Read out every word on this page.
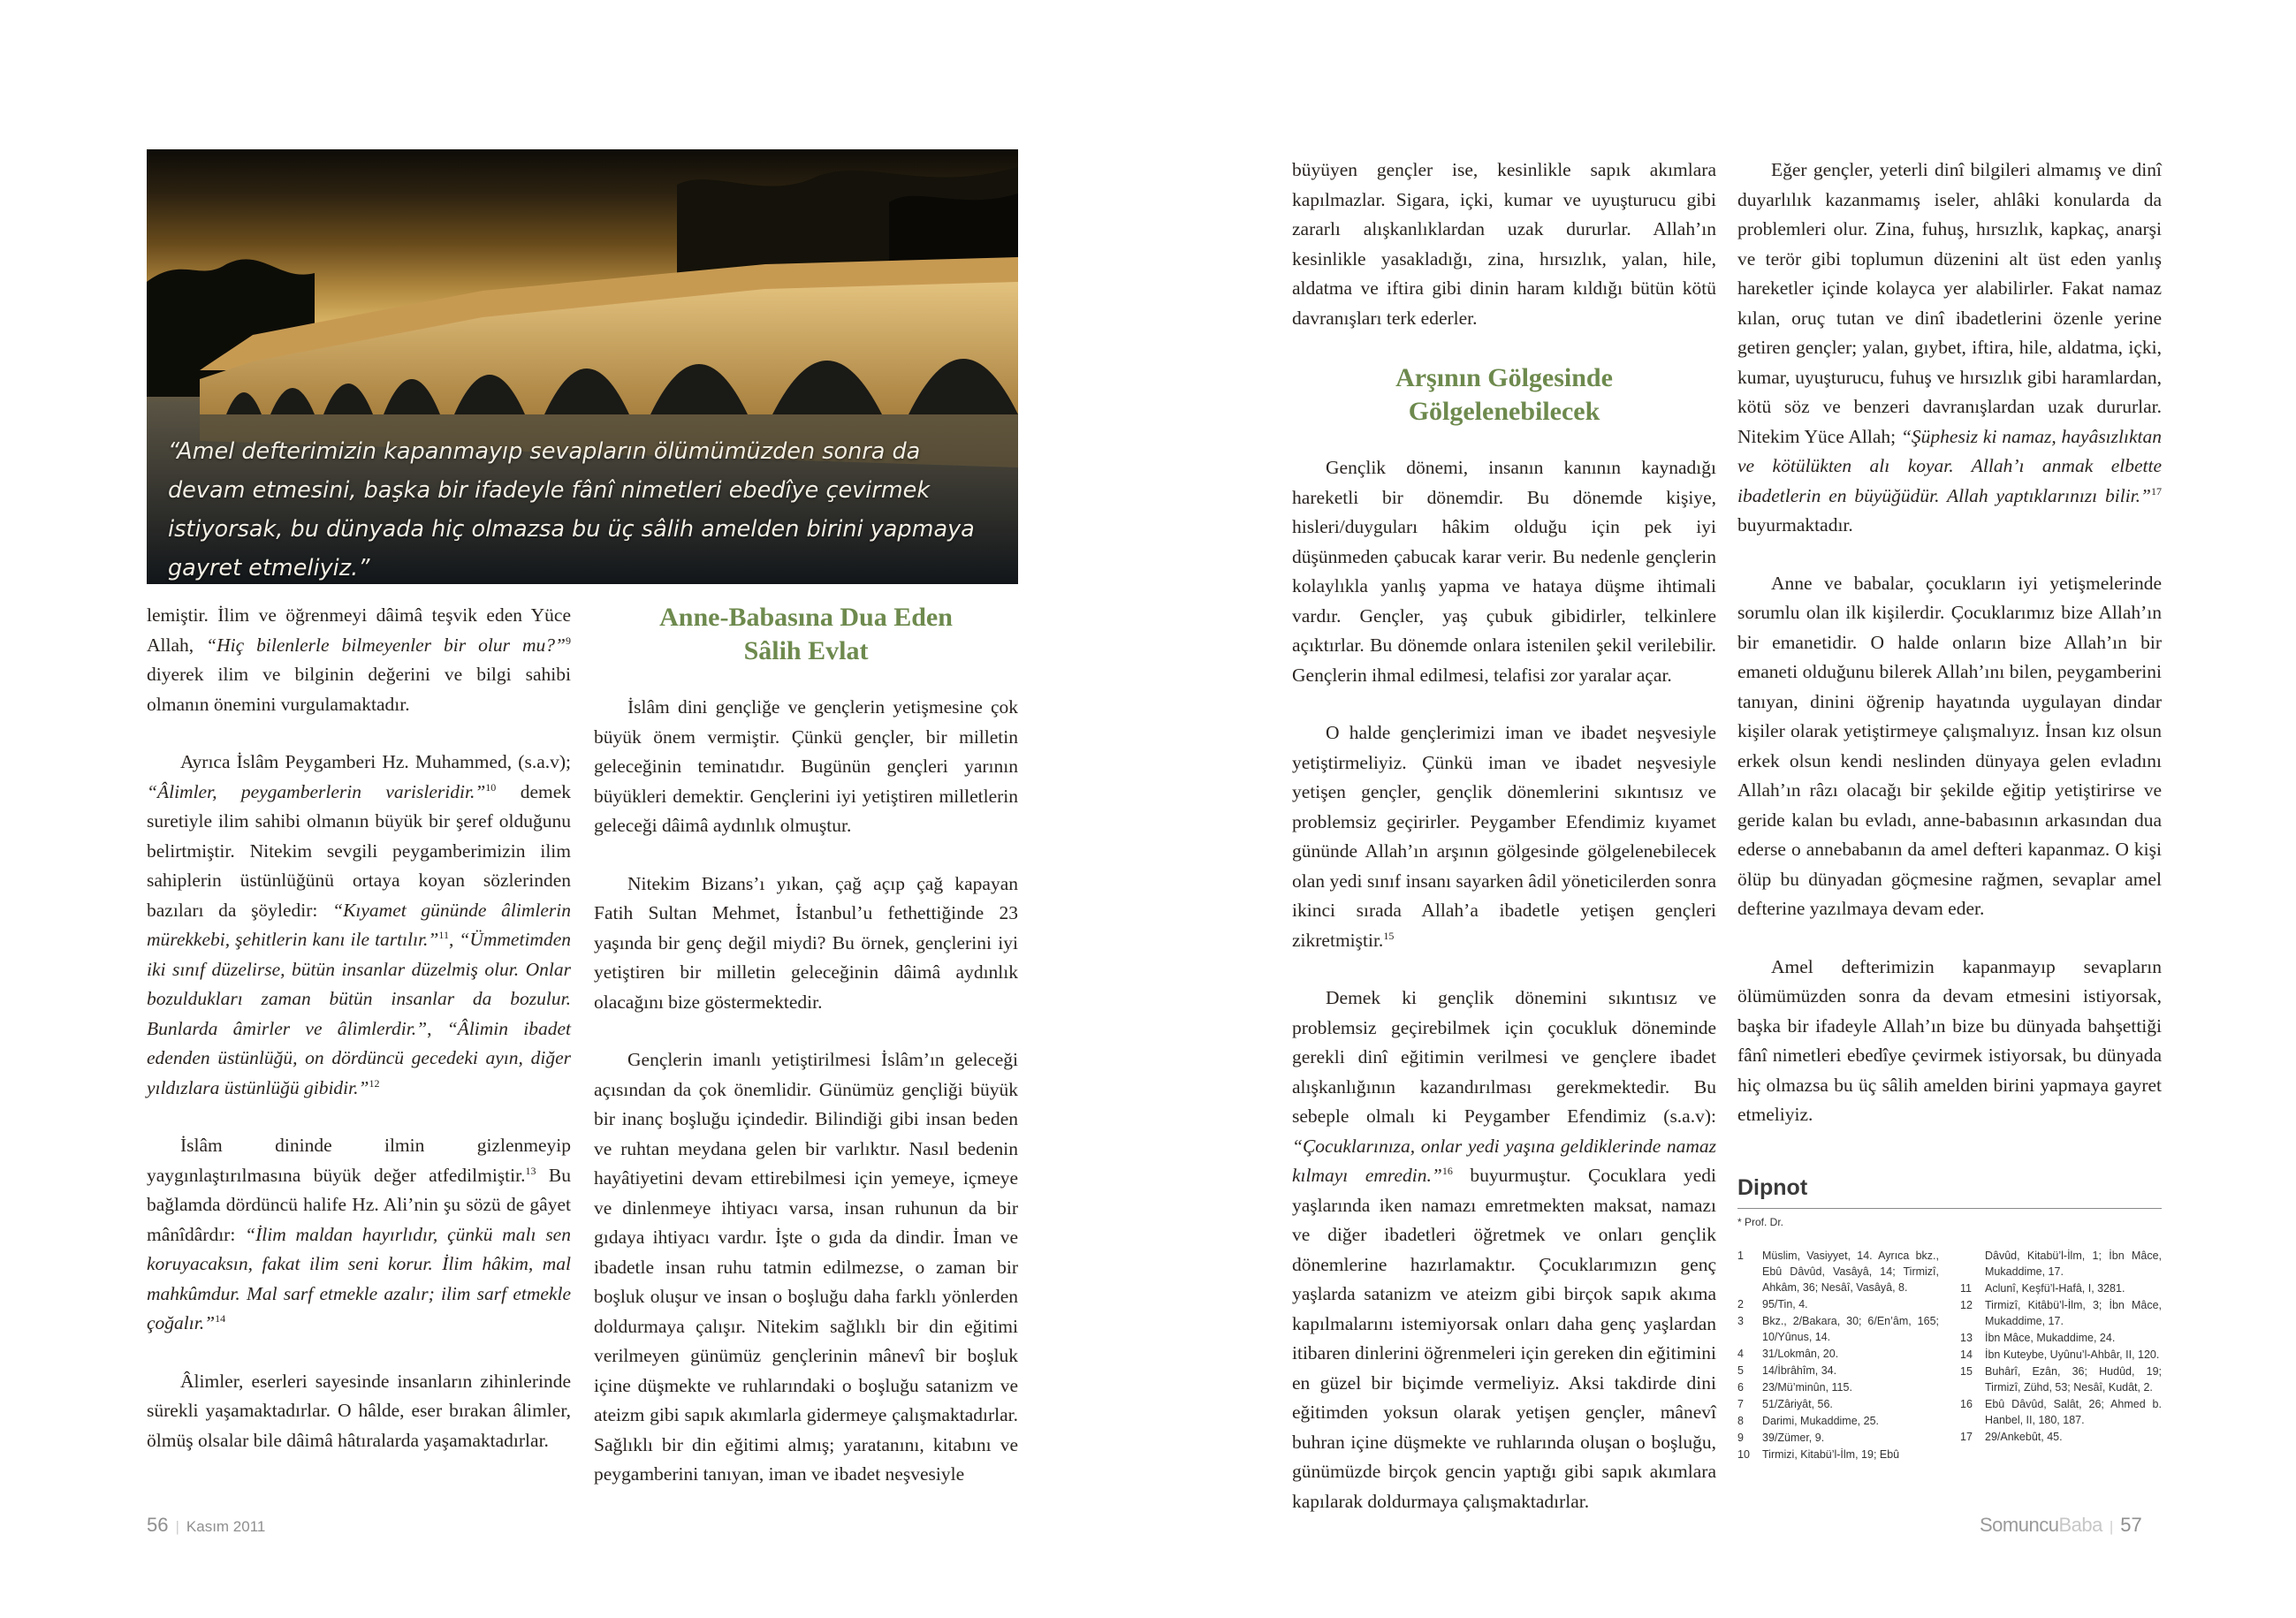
“Amel defterimizin kapanmayıp sevapların ölümümüzden sonra da devam etmesini, başka bir ifadeyle fânî nimetleri ebedîye çevirmek istiyorsak, bu dünyada hiç olmazsa bu üç sâlih amelden birini yapmaya gayret etmeliyiz.”

lemiştir. İlim ve öğrenmeyi dâimâ teşvik eden Yüce Allah, “Hiç bilenlerle bilmeyenler bir olur mu?”$^9$ diyerek ilim ve bilginin değerini ve bilgi sahibi olmanın önemini vurgulamaktadır.

Ayrıca İslâm Peygamberi Hz. Muhammed, (s.a.v); “Âlimler, peygamberlerin varisleridir.”$^{10}$ demek suretiyle ilim sahibi olmanın büyük bir şeref olduğunu belirtmiştir. Nitekim sevgili peygamberimizin ilim sahiplerin üstünlüğünü ortaya koyan sözlerinden bazıları da şöyledir: “Kıyamet gününde âlimlerin mürekkebi, şehitlerin kanı ile tartılır.”$^{11}$, “Ümmetimden iki sınıf düzelirse, bütün insanlar düzelmiş olur. Onlar bozuldukları zaman bütün insanlar da bozulur. Bunlarda âmirler ve âlimlerdir.”, “Âlimin ibadet edenden üstünlüğü, on dördüncü gecedeki ayın, diğer yıldızlara üstünlüğü gibidir.”$^{12}$

İslâm dininde ilmin gizlenmeyip yaygınlaştırılmasına büyük değer atfedilmiştir.$^{13}$ Bu bağlamda dördüncü halife Hz. Ali’nin şu sözü de gâyet mânîdârdır: “İlim maldan hayırlıdır, çünkü malı sen koruyacaksın, fakat ilim seni korur. İlim hâkim, mal mahkûmdur. Mal sarf etmekle azalır; ilim sarf etmekle çoğalır.”$^{14}$

Âlimler, eserleri sayesinde insanların zihinlerinde sürekli yaşamaktadırlar. O hâlde, eser bırakan âlimler, ölmüş olsalar bile dâimâ hâtıralarda yaşamaktadırlar.

Anne-Babasına Dua Eden Sâlih Evlat

İslâm dini gençliğe ve gençlerin yetişmesine çok büyük önem vermiştir. Çünkü gençler, bir milletin geleceğinin teminatıdır. Bugünün gençleri yarının büyükleri demektir. Gençlerini iyi yetiştiren milletlerin geleceği dâimâ aydınlık olmuştur.

Nitekim Bizans’ı yıkan, çağ açıp çağ kapayan Fatih Sultan Mehmet, İstanbul’u fethettiğinde 23 yaşında bir genç değil miydi? Bu örnek, gençlerini iyi yetiştiren bir milletin geleceğinin dâimâ aydınlık olacağını bize göstermektedir.

Gençlerin imanlı yetiştirilmesi İslâm’ın geleceği açısından da çok önemlidir. Günümüz gençliği büyük bir inanç boşluğu içindedir. Bilindiği gibi insan beden ve ruhtan meydana gelen bir varlıktır. Nasıl bedenin hayâtiyetini devam ettirebilmesi için yemeye, içmeye ve dinlenmeye ihtiyacı varsa, insan ruhunun da bir gıdaya ihtiyacı vardır. İşte o gıda da dindir. İman ve ibadetle insan ruhu tatmin edilmezse, o zaman bir boşluk oluşur ve insan o boşluğu daha farklı yönlerden doldurmaya çalışır. Nitekim sağlıklı bir din eğitimi verilmeyen günümüz gençlerinin mânevî bir boşluk içine düşmekte ve ruhlarındaki o boşluğu satanizm ve ateizm gibi sapık akımlarla gidermeye çalışmaktadırlar. Sağlıklı bir din eğitimi almış; yaratanını, kitabını ve peygamberini tanıyan, iman ve ibadet neşvesiyle

büyüyen gençler ise, kesinlikle sapık akımlara kapılmazlar. Sigara, içki, kumar ve uyuşturucu gibi zararlı alışkanlıklardan uzak dururlar. Allah’ın kesinlikle yasakladığı, zina, hırsızlık, yalan, hile, aldatma ve iftira gibi dinin haram kıldığı bütün kötü davranışları terk ederler.

Arşının Gölgesinde Gölgelenebilecek

Gençlik dönemi, insanın kanının kaynadığı hareketli bir dönemdir. Bu dönemde kişiye, hisleri/duyguları hâkim olduğu için pek iyi düşünmeden çabucak karar verir. Bu nedenle gençlerin kolaylıkla yanlış yapma ve hataya düşme ihtimali vardır. Gençler, yaş çubuk gibidirler, telkinlere açıktırlar. Bu dönemde onlara istenilen şekil verilebilir. Gençlerin ihmal edilmesi, telafisi zor yaralar açar.

O halde gençlerimizi iman ve ibadet neşvesiyle yetiştirmeliyiz. Çünkü iman ve ibadet neşvesiyle yetişen gençler, gençlik dönemlerini sıkıntısız ve problemsiz geçirirler. Peygamber Efendimiz kıyamet gününde Allah’ın arşının gölgesinde gölgelenebilecek olan yedi sınıf insanı sayarken âdil yöneticilerden sonra ikinci sırada Allah’a ibadetle yetişen gençleri zikretmiştir.$^{15}$

Demek ki gençlik dönemini sıkıntısız ve problemsiz geçirebilmek için çocukluk döneminde gerekli dinî eğitimin verilmesi ve gençlere ibadet alışkanlığının kazandırılması gerekmektedir. Bu sebeple olmalı ki Peygamber Efendimiz (s.a.v): “Çocuklarınıza, onlar yedi yaşına geldiklerinde namaz kılmayı emredin.”$^{16}$ buyurmuştur. Çocuklara yedi yaşlarında iken namazı emretmekten maksat, namazı ve diğer ibadetleri öğretmek ve onları gençlik dönemlerine hazırlamaktır. Çocuklarımızın genç yaşlarda satanizm ve ateizm gibi birçok sapık akıma kapılmalarını istemiyorsak onları daha genç yaşlardan itibaren dinlerini öğrenmeleri için gereken din eğitimini en güzel bir biçimde vermeliyiz. Aksi takdirde dini eğitimden yoksun olarak yetişen gençler, mânevî buhran içine düşmekte ve ruhlarında oluşan o boşluğu, günümüzde birçok gencin yaptığı gibi sapık akımlara kapılarak doldurmaya çalışmaktadırlar.

Eğer gençler, yeterli dinî bilgileri almamış ve dinî duyarlılık kazanmamış iseler, ahlâki konularda da problemleri olur. Zina, fuhuş, hırsızlık, kapkaç, anarşi ve terör gibi toplumun düzenini alt üst eden yanlış hareketler içinde kolayca yer alabilirler. Fakat namaz kılan, oruç tutan ve dinî ibadetlerini özenle yerine getiren gençler; yalan, gıybet, iftira, hile, aldatma, içki, kumar, uyuşturucu, fuhuş ve hırsızlık gibi haramlardan, kötü söz ve benzeri davranışlardan uzak dururlar. Nitekim Yüce Allah; “Şüphesiz ki namaz, hayâsızlıktan ve kötülükten alı koyar. Allah’ı anmak elbette ibadetlerin en büyüğüdür. Allah yaptıklarınızı bilir.”$^{17}$ buyurmaktadır.

Anne ve babalar, çocukların iyi yetişmelerinde sorumlu olan ilk kişilerdir. Çocuklarımız bize Allah’ın bir emanetidir. O halde onların bize Allah’ın bir emaneti olduğunu bilerek Allah’ını bilen, peygamberini tanıyan, dinini öğrenip hayatında uygulayan dindar kişiler olarak yetiştirmeye çalışmalıyız. İnsan kız olsun erkek olsun kendi neslinden dünyaya gelen evladını Allah’ın râzı olacağı bir şekilde eğitip yetiştirirse ve geride kalan bu evladı, anne-babasının arkasından dua ederse o annebabanın da amel defteri kapanmaz. O kişi ölüp bu dünyadan göçmesine rağmen, sevaplar amel defterine yazılmaya devam eder.

Amel defterimizin kapanmayıp sevapların ölümümüzden sonra da devam etmesini istiyorsak, başka bir ifadeyle Allah’ın bize bu dünyada bahşettiği fânî nimetleri ebedîye çevirmek istiyorsak, bu dünyada hiç olmazsa bu üç sâlih amelden birini yapmaya gayret etmeliyiz.

Dipnot
* Prof. Dr.
1	Müslim, Vasiyyet, 14. Ayrıca bkz., Ebû Dâvûd, Vasâyâ, 14; Tirmizî, Ahkâm, 36; Nesâî, Vasâyâ, 8.
2	95/Tin, 4.
3	Bkz., 2/Bakara, 30; 6/En’âm, 165; 10/Yûnus, 14.
4	31/Lokmân, 20.
5	14/İbrâhîm, 34.
6	23/Mü’minûn, 115.
7	51/Zâriyât, 56.
8	Darimi, Mukaddime, 25.
9	39/Zümer, 9.
10	Tirmizi, Kitabü’l-İlm, 19; Ebû
Dâvûd, Kitabü’l-İlm, 1; İbn Mâce, Mukaddime, 17.
11	Aclunî, Keşfü’l-Hafâ, I, 3281.
12	Tirmizî, Kitâbü’l-İlm, 3; İbn Mâce, Mukaddime, 17.
13	İbn Mâce, Mukaddime, 24.
14	İbn Kuteybe, Uyûnu’l-Ahbâr, II, 120.
15	Buhârî, Ezân, 36; Hudûd, 19; Tirmizî, Zühd, 53; Nesâî, Kudât, 2.
16	Ebû Dâvûd, Salât, 26; Ahmed b. Hanbel, II, 180, 187.
17	29/Ankebût, 45.
56 | Kasım 2011	SomuncuBaba | 57
